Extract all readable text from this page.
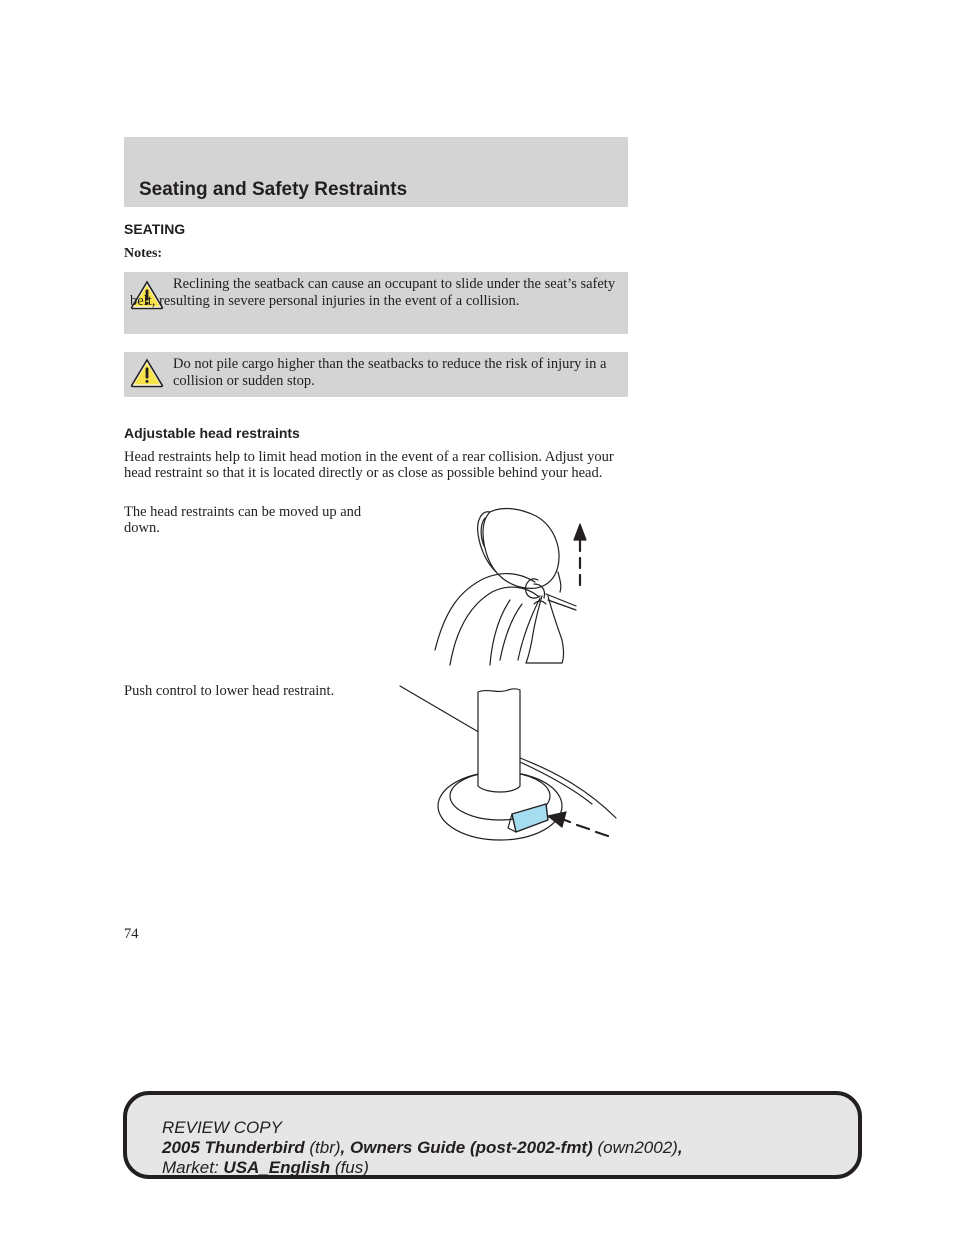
Seating and Safety Restraints
SEATING

Notes:

Reclining the seatback can cause an occupant to slide under the seat’s safety belt, resulting in severe personal injuries in the event of a collision.

Do not pile cargo higher than the seatbacks to reduce the risk of injury in a collision or sudden stop.

Adjustable head restraints

Head restraints help to limit head motion in the event of a rear collision. Adjust your head restraint so that it is located directly or as close as possible behind your head.

The head restraints can be moved up and down.

Push control to lower head restraint.

74

REVIEW COPY
2005 Thunderbird (tbr), Owners Guide (post-2002-fmt) (own2002),
Market: USA_English (fus)
